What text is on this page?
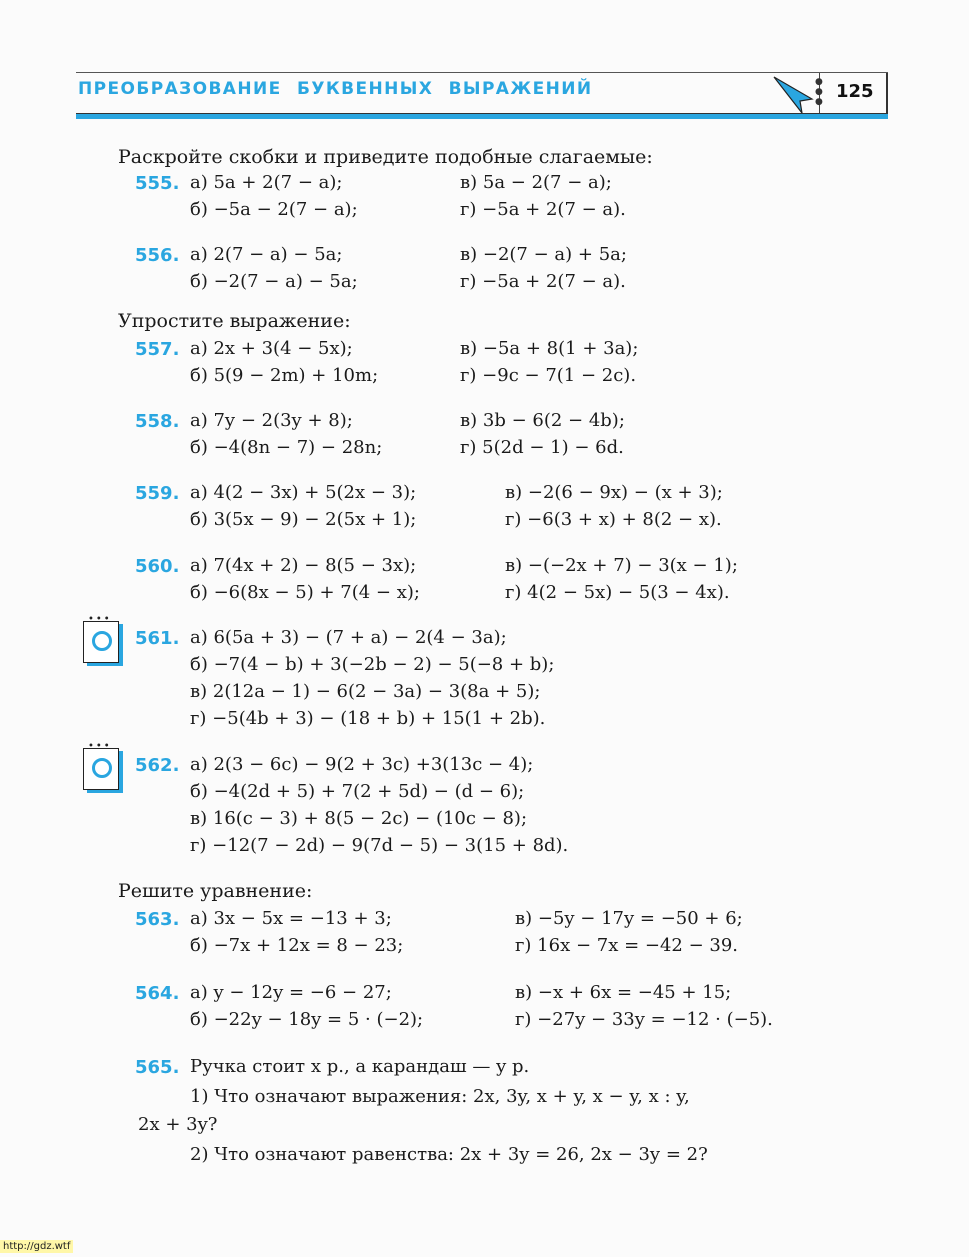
ПРЕОБРАЗОВАНИЕ БУКВЕННЫХ ВЫРАЖЕНИЙ	●
●
● 125
Раскройте скобки и приведите подобные слагаемые:
Упростите выражение:
Решите уравнение:
555. а) 5a + 2(7 − a);	в) 5a − 2(7 − a);
б) −5a − 2(7 − a);	г) −5a + 2(7 − a).
556. а) 2(7 − a) − 5a;	в) −2(7 − a) + 5a;
б) −2(7 − a) − 5a;	г) −5a + 2(7 − a).
557. а) 2x + 3(4 − 5x);	в) −5a + 8(1 + 3a);
б) 5(9 − 2m) + 10m;	г) −9c − 7(1 − 2c).
558. а) 7y − 2(3y + 8);	в) 3b − 6(2 − 4b);
б) −4(8n − 7) − 28n;	г) 5(2d − 1) − 6d.
559. а) 4(2 − 3x) + 5(2x − 3);	в) −2(6 − 9x) − (x + 3);
б) 3(5x − 9) − 2(5x + 1);	г) −6(3 + x) + 8(2 − x).
560. а) 7(4x + 2) − 8(5 − 3x);	в) −(−2x + 7) − 3(x − 1);
б) −6(8x − 5) + 7(4 − x);	г) 4(2 − 5x) − 5(3 − 4x).
561.
•••
а) 6(5a + 3) − (7 + a) − 2(4 − 3a);
б) −7(4 − b) + 3(−2b − 2) − 5(−8 + b);
в) 2(12a − 1) − 6(2 − 3a) − 3(8a + 5);
г) −5(4b + 3) − (18 + b) + 15(1 + 2b).
562.
•••
а) 2(3 − 6c) − 9(2 + 3c) +3(13c − 4);
б) −4(2d + 5) + 7(2 + 5d) − (d − 6);
в) 16(c − 3) + 8(5 − 2c) − (10c − 8);
г) −12(7 − 2d) − 9(7d − 5) − 3(15 + 8d).
563. а) 3x − 5x = −13 + 3;	в) −5y − 17y = −50 + 6;
б) −7x + 12x = 8 − 23;	г) 16x − 7x = −42 − 39.
564. а) y − 12y = −6 − 27;	в) −x + 6x = −45 + 15;
б) −22y − 18y = 5 · (−2);	г) −27y − 33y = −12 · (−5).
565. Ручка стоит x р., а карандаш — y р.
1) Что означают выражения: 2x, 3y, x + y, x − y, x : y,
2x + 3y?
2) Что означают равенства: 2x + 3y = 26, 2x − 3y = 2?
http://gdz.wtf
